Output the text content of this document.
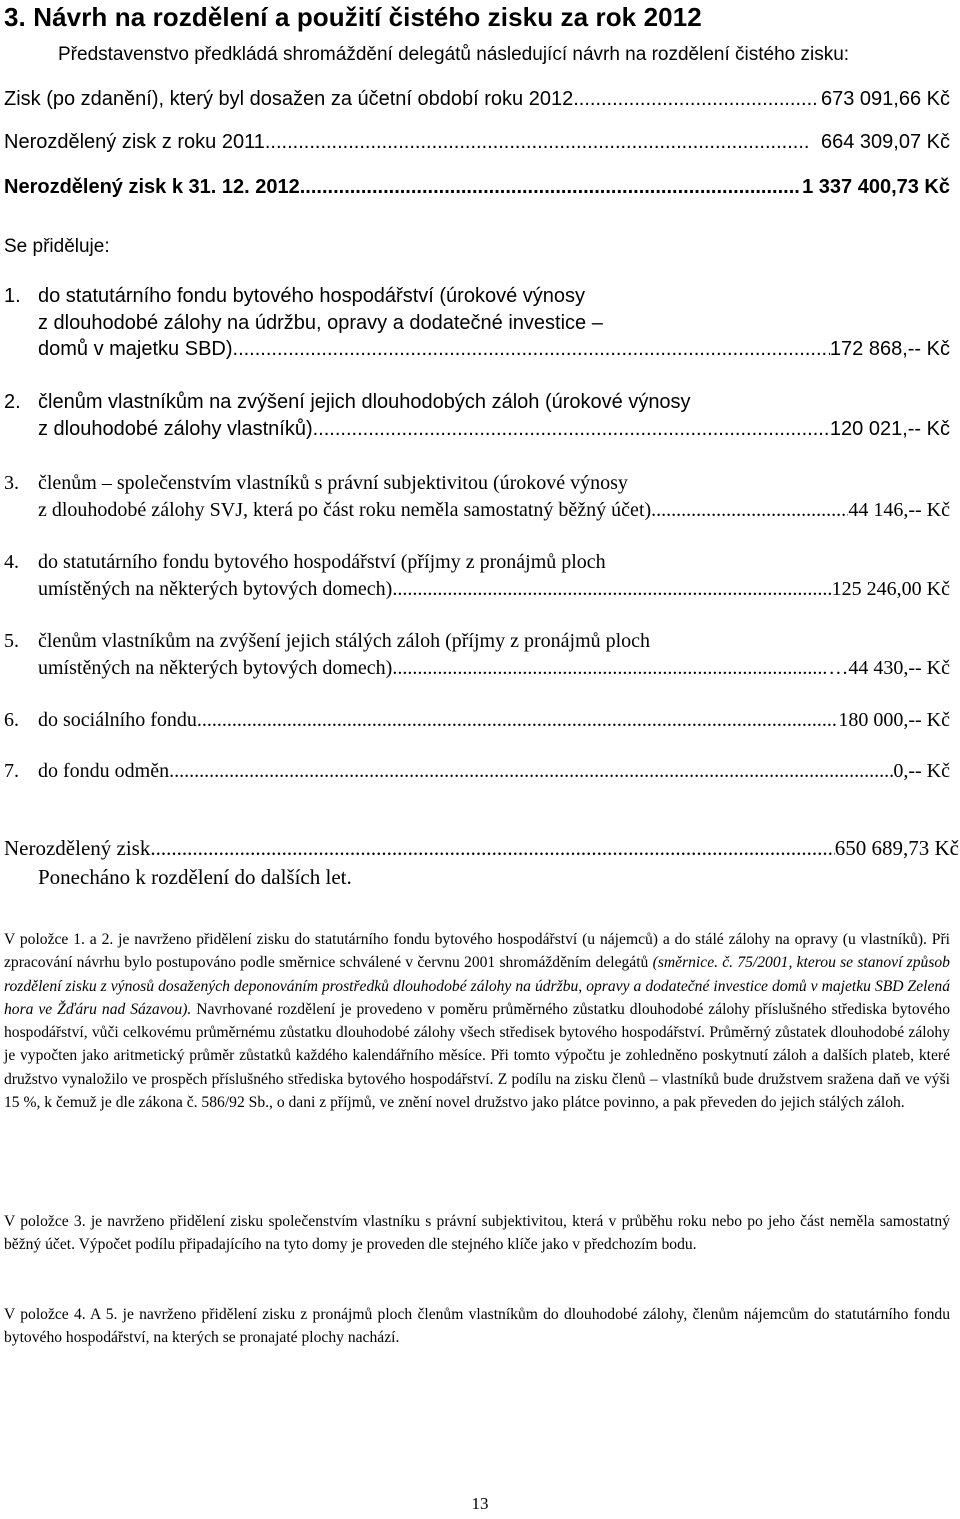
3. Návrh na rozdělení a použití čistého zisku za rok 2012
Představenstvo předkládá shromáždění delegátů následující návrh na rozdělení čistého zisku:
Zisk (po zdanění), který byl dosažen za účetní období roku 2012 .....	673 091,66 Kč
Nerozdělený zisk z roku 2011 .....	664 309,07 Kč
Nerozdělený zisk k 31. 12. 2012 .....	1 337 400,73 Kč
Se přiděluje:
1. do statutárního fondu bytového hospodářství (úrokové výnosy
z dlouhodobé zálohy na údržbu, opravy a dodatečné investice –
domů v majetku SBD) .....	172 868,-- Kč
2. členům vlastníkům na zvýšení jejich dlouhodobých záloh (úrokové výnosy
z dlouhodobé zálohy vlastníků) .....	120 021,-- Kč
3. členům – společenstvím vlastníků s právní subjektivitou (úrokové výnosy
z dlouhodobé zálohy SVJ, která po část roku neměla samostatný běžný účet) .....	44 146,-- Kč
4. do statutárního fondu bytového hospodářství (příjmy z pronájmů ploch
umístěných na některých bytových domech) .....	125 246,00 Kč
5. členům vlastníkům na zvýšení jejich stálých záloh (příjmy z pronájmů ploch
umístěných na některých bytových domech) .....	…44 430,-- Kč
6. do sociálního fondu .....	180 000,-- Kč
7. do fondu odměn .....	0,-- Kč
Nerozdělený zisk .....	650 689,73 Kč
Ponecháno k rozdělení do dalších let.
V položce 1. a 2. je navrženo přidělení zisku do statutárního fondu bytového hospodářství (u nájemců) a do stálé zálohy na opravy (u vlastníků). Při zpracování návrhu bylo postupováno podle směrnice schválené v červnu 2001 shromážděním delegátů (směrnice. č. 75/2001, kterou se stanoví způsob rozdělení zisku z výnosů dosažených deponováním prostředků dlouhodobé zálohy na údržbu, opravy a dodatečné investice domů v majetku SBD Zelená hora ve Žďáru nad Sázavou). Navrhované rozdělení je provedeno v poměru průměrného zůstatku dlouhodobé zálohy příslušného střediska bytového hospodářství, vůči celkovému průměrnému zůstatku dlouhodobé zálohy všech středisek bytového hospodářství. Průměrný zůstatek dlouhodobé zálohy je vypočten jako aritmetický průměr zůstatků každého kalendářního měsíce. Při tomto výpočtu je zohledněno poskytnutí záloh a dalších plateb, které družstvo vynaložilo ve prospěch příslušného střediska bytového hospodářství. Z podílu na zisku členů – vlastníků bude družstvem sražena daň ve výši 15 %, k čemuž je dle zákona č. 586/92 Sb., o dani z příjmů, ve znění novel družstvo jako plátce povinno, a pak převeden do jejich stálých záloh.
V položce 3. je navrženo přidělení zisku společenstvím vlastníku s právní subjektivitou, která v průběhu roku nebo po jeho část neměla samostatný běžný účet. Výpočet podílu připadajícího na tyto domy je proveden dle stejného klíče jako v předchozím bodu.
V položce 4. A 5. je navrženo přidělení zisku z pronájmů ploch členům vlastníkům do dlouhodobé zálohy, členům nájemcům do statutárního fondu bytového hospodářství, na kterých se pronajaté plochy nachází.
13
